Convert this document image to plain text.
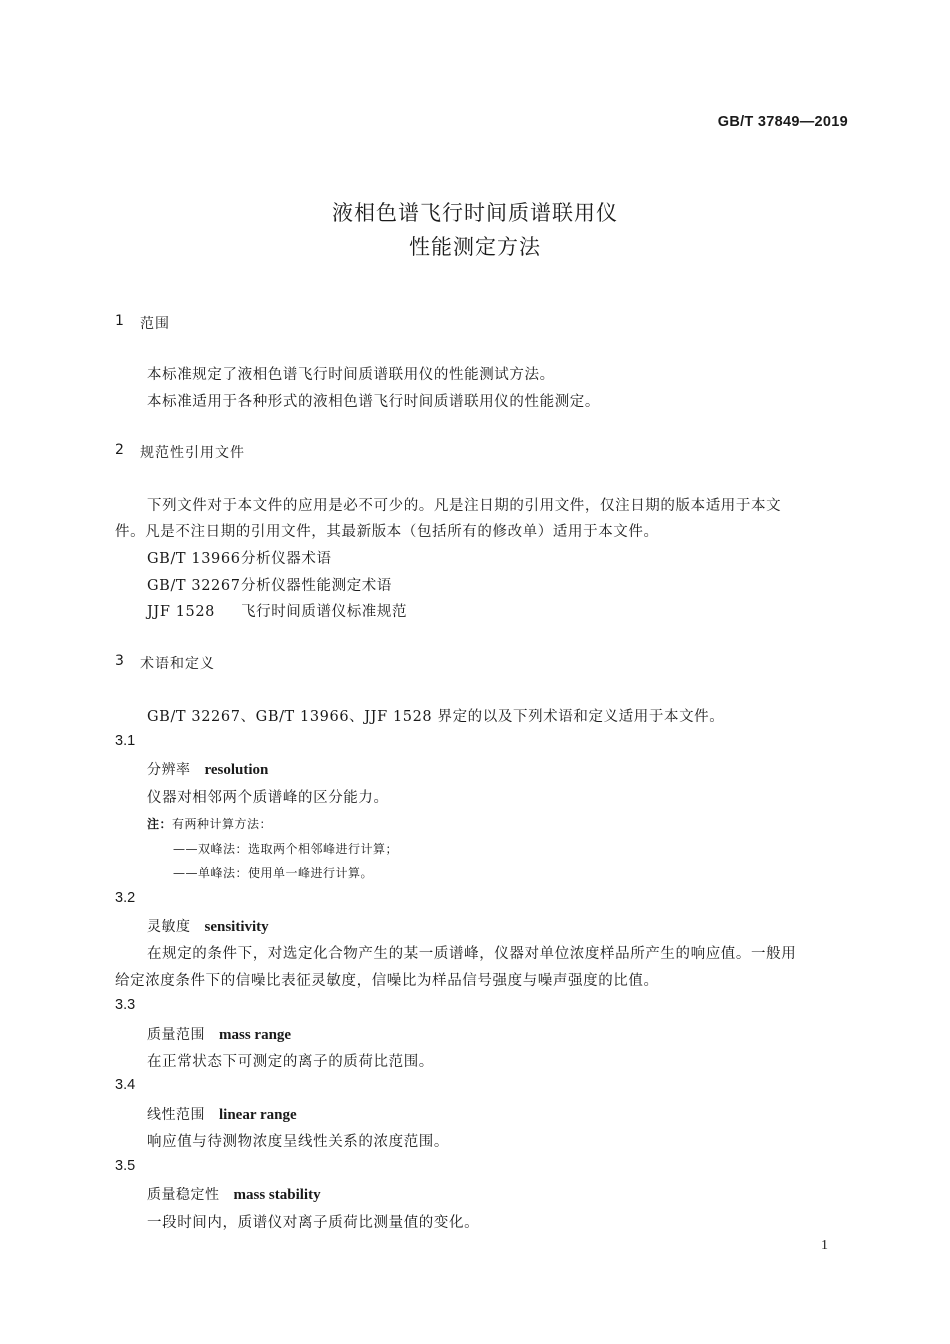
GB/T 37849—2019
液相色谱飞行时间质谱联用仪
性能测定方法
1 范围
本标准规定了液相色谱飞行时间质谱联用仪的性能测试方法。
本标准适用于各种形式的液相色谱飞行时间质谱联用仪的性能测定。
2 规范性引用文件
下列文件对于本文件的应用是必不可少的。凡是注日期的引用文件，仅注日期的版本适用于本文
件。凡是不注日期的引用文件，其最新版本（包括所有的修改单）适用于本文件。
GB/T 13966分析仪器术语
GB/T 32267分析仪器性能测定术语
JJF 1528 飞行时间质谱仪标准规范
3 术语和定义
GB/T 32267、GB/T 13966、JJF 1528 界定的以及下列术语和定义适用于本文件。
3.1
分辨率 resolution
仪器对相邻两个质谱峰的区分能力。
注：有两种计算方法：
——双峰法：选取两个相邻峰进行计算；
——单峰法：使用单一峰进行计算。
3.2
灵敏度 sensitivity
在规定的条件下，对选定化合物产生的某一质谱峰，仪器对单位浓度样品所产生的响应值。一般用
给定浓度条件下的信噪比表征灵敏度，信噪比为样品信号强度与噪声强度的比值。
3.3
质量范围 mass range
在正常状态下可测定的离子的质荷比范围。
3.4
线性范围 linear range
响应值与待测物浓度呈线性关系的浓度范围。
3.5
质量稳定性 mass stability
一段时间内，质谱仪对离子质荷比测量值的变化。
1
